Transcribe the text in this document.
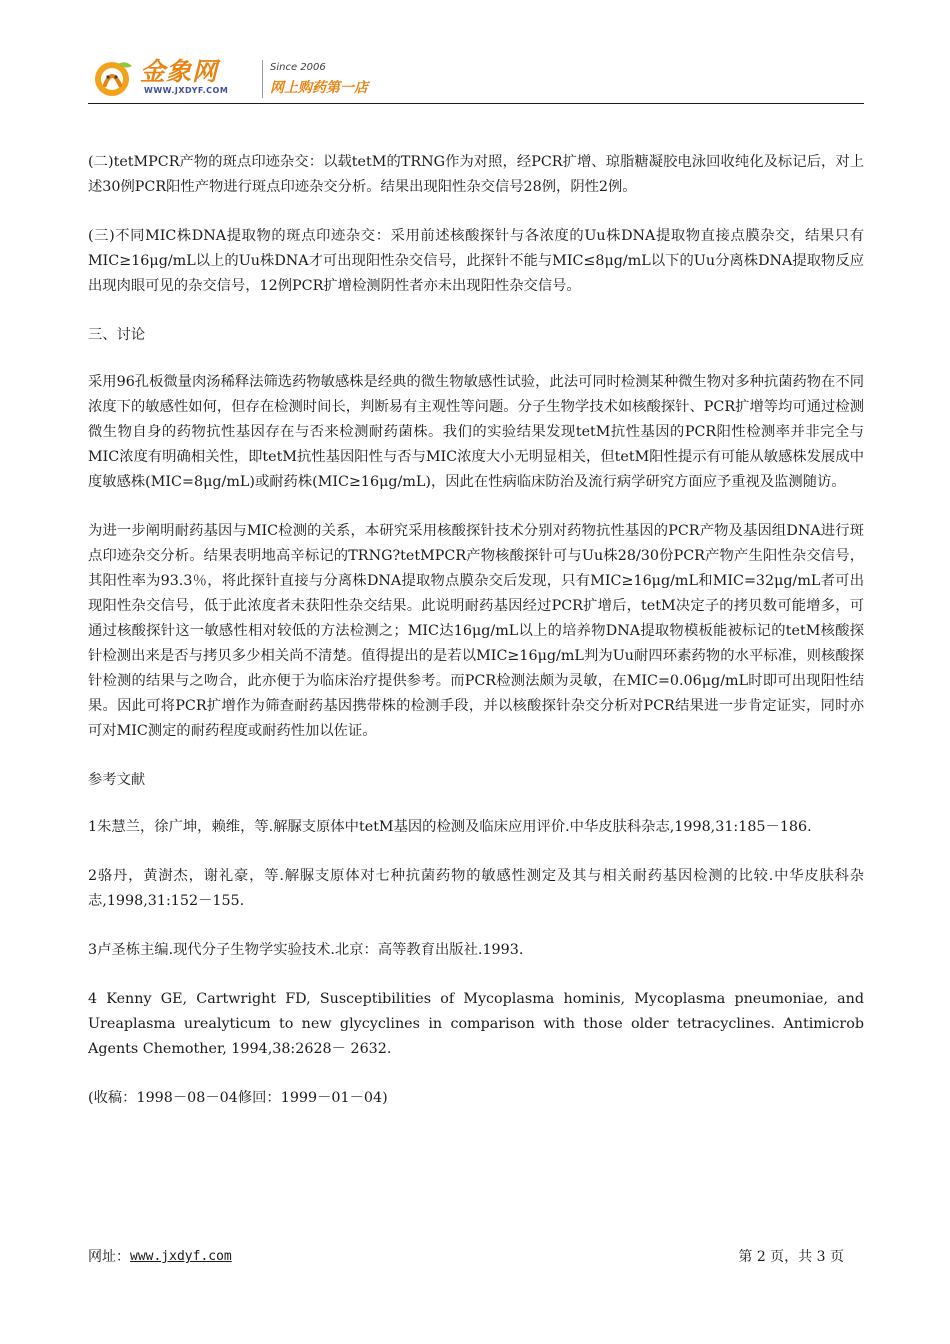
金象网
WWW.JXDYF.COM
Since 2006
网上购药第一店

(二)tetMPCR产物的斑点印迹杂交：以载tetM的TRNG作为对照，经PCR扩增、琼脂糖凝胶电泳回收纯化及标记后，对上述30例PCR阳性产物进行斑点印迹杂交分析。结果出现阳性杂交信号28例，阴性2例。

(三)不同MIC株DNA提取物的斑点印迹杂交：采用前述核酸探针与各浓度的Uu株DNA提取物直接点膜杂交，结果只有MIC≥16μg/mL以上的Uu株DNA才可出现阳性杂交信号，此探针不能与MIC≤8μg/mL以下的Uu分离株DNA提取物反应出现肉眼可见的杂交信号，12例PCR扩增检测阴性者亦未出现阳性杂交信号。

三、讨论

采用96孔板微量肉汤稀释法筛选药物敏感株是经典的微生物敏感性试验，此法可同时检测某种微生物对多种抗菌药物在不同浓度下的敏感性如何，但存在检测时间长，判断易有主观性等问题。分子生物学技术如核酸探针、PCR扩增等均可通过检测微生物自身的药物抗性基因存在与否来检测耐药菌株。我们的实验结果发现tetM抗性基因的PCR阳性检测率并非完全与MIC浓度有明确相关性，即tetM抗性基因阳性与否与MIC浓度大小无明显相关，但tetM阳性提示有可能从敏感株发展成中度敏感株(MIC=8μg/mL)或耐药株(MIC≥16μg/mL)，因此在性病临床防治及流行病学研究方面应予重视及监测随访。

为进一步阐明耐药基因与MIC检测的关系，本研究采用核酸探针技术分别对药物抗性基因的PCR产物及基因组DNA进行斑点印迹杂交分析。结果表明地高辛标记的TRNG?tetMPCR产物核酸探针可与Uu株28/30份PCR产物产生阳性杂交信号，其阳性率为93.3％，将此探针直接与分离株DNA提取物点膜杂交后发现，只有MIC≥16μg/mL和MIC=32μg/mL者可出现阳性杂交信号，低于此浓度者未获阳性杂交结果。此说明耐药基因经过PCR扩增后，tetM决定子的拷贝数可能增多，可通过核酸探针这一敏感性相对较低的方法检测之；MIC达16μg/mL以上的培养物DNA提取物模板能被标记的tetM核酸探针检测出来是否与拷贝多少相关尚不清楚。值得提出的是若以MIC≥16μg/mL判为Uu耐四环素药物的水平标准，则核酸探针检测的结果与之吻合，此亦便于为临床治疗提供参考。而PCR检测法颇为灵敏，在MIC=0.06μg/mL时即可出现阳性结果。因此可将PCR扩增作为筛查耐药基因携带株的检测手段，并以核酸探针杂交分析对PCR结果进一步肯定证实，同时亦可对MIC测定的耐药程度或耐药性加以佐证。

参考文献

1朱慧兰，徐广坤，赖维，等.解脲支原体中tetM基因的检测及临床应用评价.中华皮肤科杂志,1998,31:185－186.

2骆丹，黄澍杰，谢礼豪，等.解脲支原体对七种抗菌药物的敏感性测定及其与相关耐药基因检测的比较.中华皮肤科杂志,1998,31:152－155.

3卢圣栋主编.现代分子生物学实验技术.北京：高等教育出版社.1993.

4 Kenny GE, Cartwright FD, Susceptibilities of Mycoplasma hominis, Mycoplasma pneumoniae, and Ureaplasma urealyticum to new glycyclines in comparison with those older tetracyclines. Antimicrob Agents Chemother, 1994,38:2628－ 2632.

(收稿：1998－08－04修回：1999－01－04)

网址： www.jxdyf.com	第 2 页，共 3 页
